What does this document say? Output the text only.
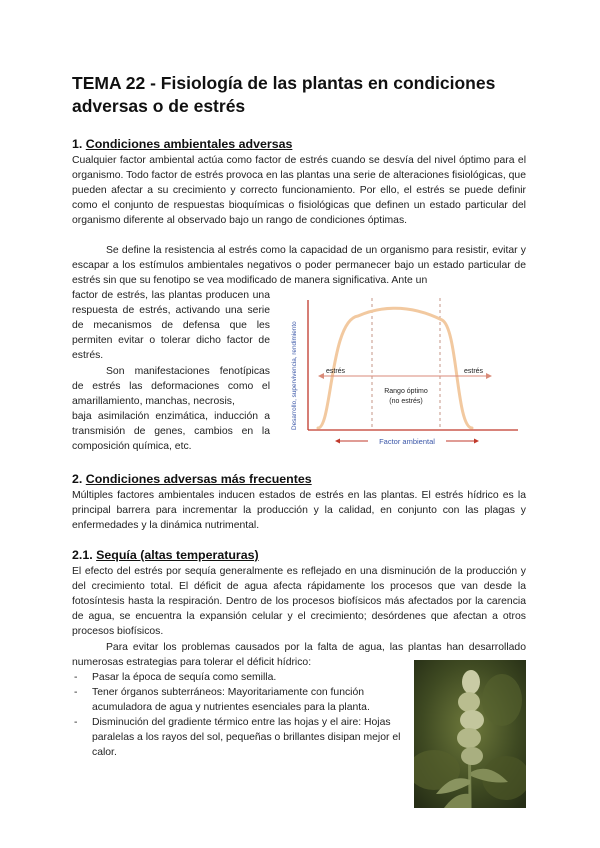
TEMA 22 - Fisiología de las plantas en condiciones adversas o de estrés
1. Condiciones ambientales adversas

Cualquier factor ambiental actúa como factor de estrés cuando se desvía del nivel óptimo para el organismo. Todo factor de estrés provoca en las plantas una serie de alteraciones fisiológicas, que pueden afectar a su crecimiento y correcto funcionamiento. Por ello, el estrés se puede definir como el conjunto de respuestas bioquímicas o fisiológicas que definen un estado particular del organismo diferente al observado bajo un rango de condiciones óptimas.

Se define la resistencia al estrés como la capacidad de un organismo para resistir, evitar y escapar a los estímulos ambientales negativos o poder permanecer bajo un estado particular de estrés sin que su fenotipo se vea modificado de manera significativa. Ante un

factor de estrés, las plantas producen una respuesta de estrés, activando una serie de mecanismos de defensa que les permiten evitar o tolerar dicho factor de estrés.

Son manifestaciones fenotípicas de estrés las deformaciones como el amarillamiento, manchas, necrosis,

baja asimilación enzimática, inducción a transmisión de genes, cambios en la composición química, etc.

estrés	estrés
Rango óptimo
(no estrés)
Desarrollo, supervivencia, rendimiento
Factor ambiental
2. Condiciones adversas más frecuentes

Múltiples factores ambientales inducen estados de estrés en las plantas. El estrés hídrico es la principal barrera para incrementar la producción y la calidad, en conjunto con las plagas y enfermedades y la dinámica nutrimental.

2.1. Sequía (altas temperaturas)

El efecto del estrés por sequía generalmente es reflejado en una disminución de la producción y del crecimiento total. El déficit de agua afecta rápidamente los procesos que van desde la fotosíntesis hasta la respiración. Dentro de los procesos biofísicos más afectados por la carencia de agua, se encuentra la expansión celular y el crecimiento; desórdenes que afectan a otros procesos biofísicos.

Para evitar los problemas causados por la falta de agua, las plantas han desarrollado numerosas estrategias para tolerar el déficit hídrico:

- Pasar la época de sequía como semilla.
- Tener órganos subterráneos: Mayoritariamente con función acumuladora de agua y nutrientes esenciales para la planta.
- Disminución del gradiente térmico entre las hojas y el aire: Hojas paralelas a los rayos del sol, pequeñas o brillantes disipan mejor el calor.
